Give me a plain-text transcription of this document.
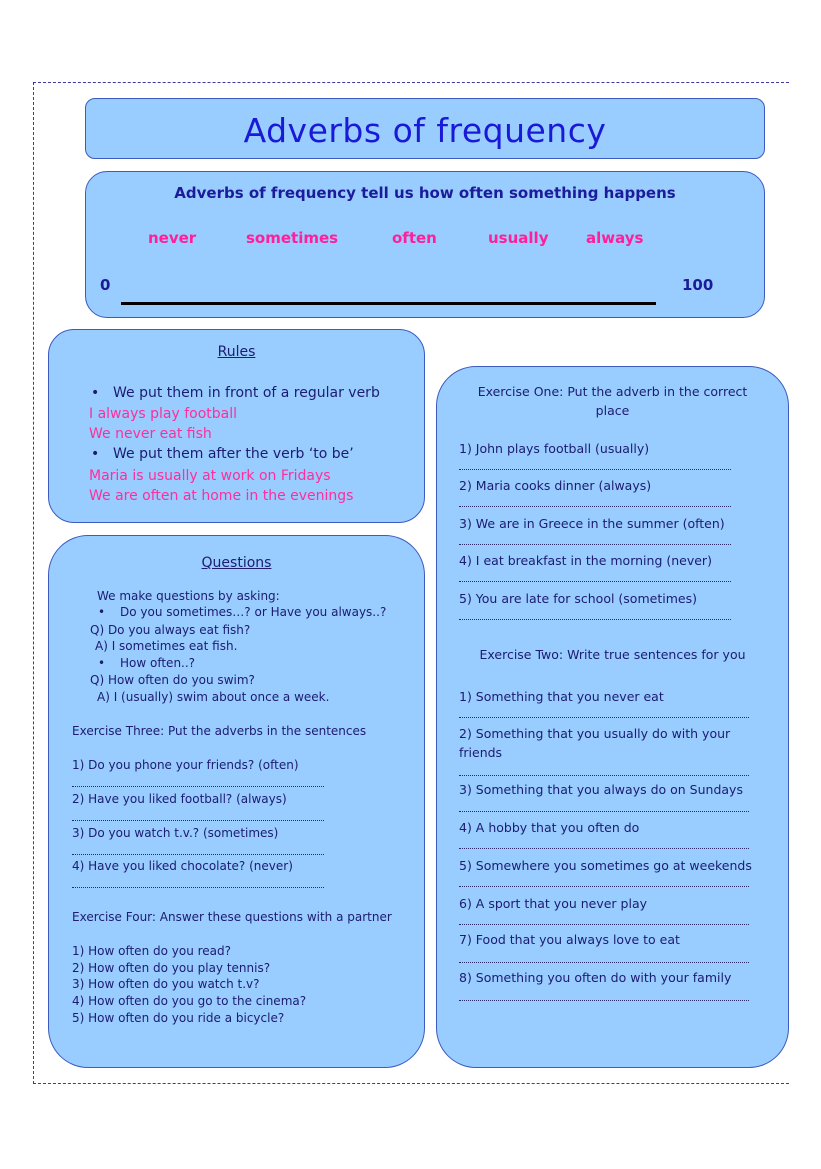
Adverbs of frequency
Adverbs of frequency tell us how often something happens
never	sometimes	often	usually	always
0	100
Rules
• We put them in front of a regular verb
I always play football
We never eat fish
• We put them after the verb ‘to be’
Maria is usually at work on Fridays
We are often at home in the evenings
Questions
We make questions by asking:
• Do you sometimes…? or Have you always..?
Q) Do you always eat fish?
A) I sometimes eat fish.
• How often..?
Q) How often do you swim?
A) I (usually) swim about once a week.
Exercise Three: Put the adverbs in the sentences
1) Do you phone your friends? (often)
2) Have you liked football? (always)
3) Do you watch t.v.? (sometimes)
4) Have you liked chocolate? (never)
Exercise Four: Answer these questions with a partner
1) How often do you read?
2) How often do you play tennis?
3) How often do you watch t.v?
4) How often do you go to the cinema?
5) How often do you ride a bicycle?
Exercise One: Put the adverb in the correct
place
1) John plays football (usually)
2) Maria cooks dinner (always)
3) We are in Greece in the summer (often)
4) I eat breakfast in the morning (never)
5) You are late for school (sometimes)
Exercise Two: Write true sentences for you
1) Something that you never eat
2) Something that you usually do with your
friends
3) Something that you always do on Sundays
4) A hobby that you often do
5) Somewhere you sometimes go at weekends
6) A sport that you never play
7) Food that you always love to eat
8) Something you often do with your family
